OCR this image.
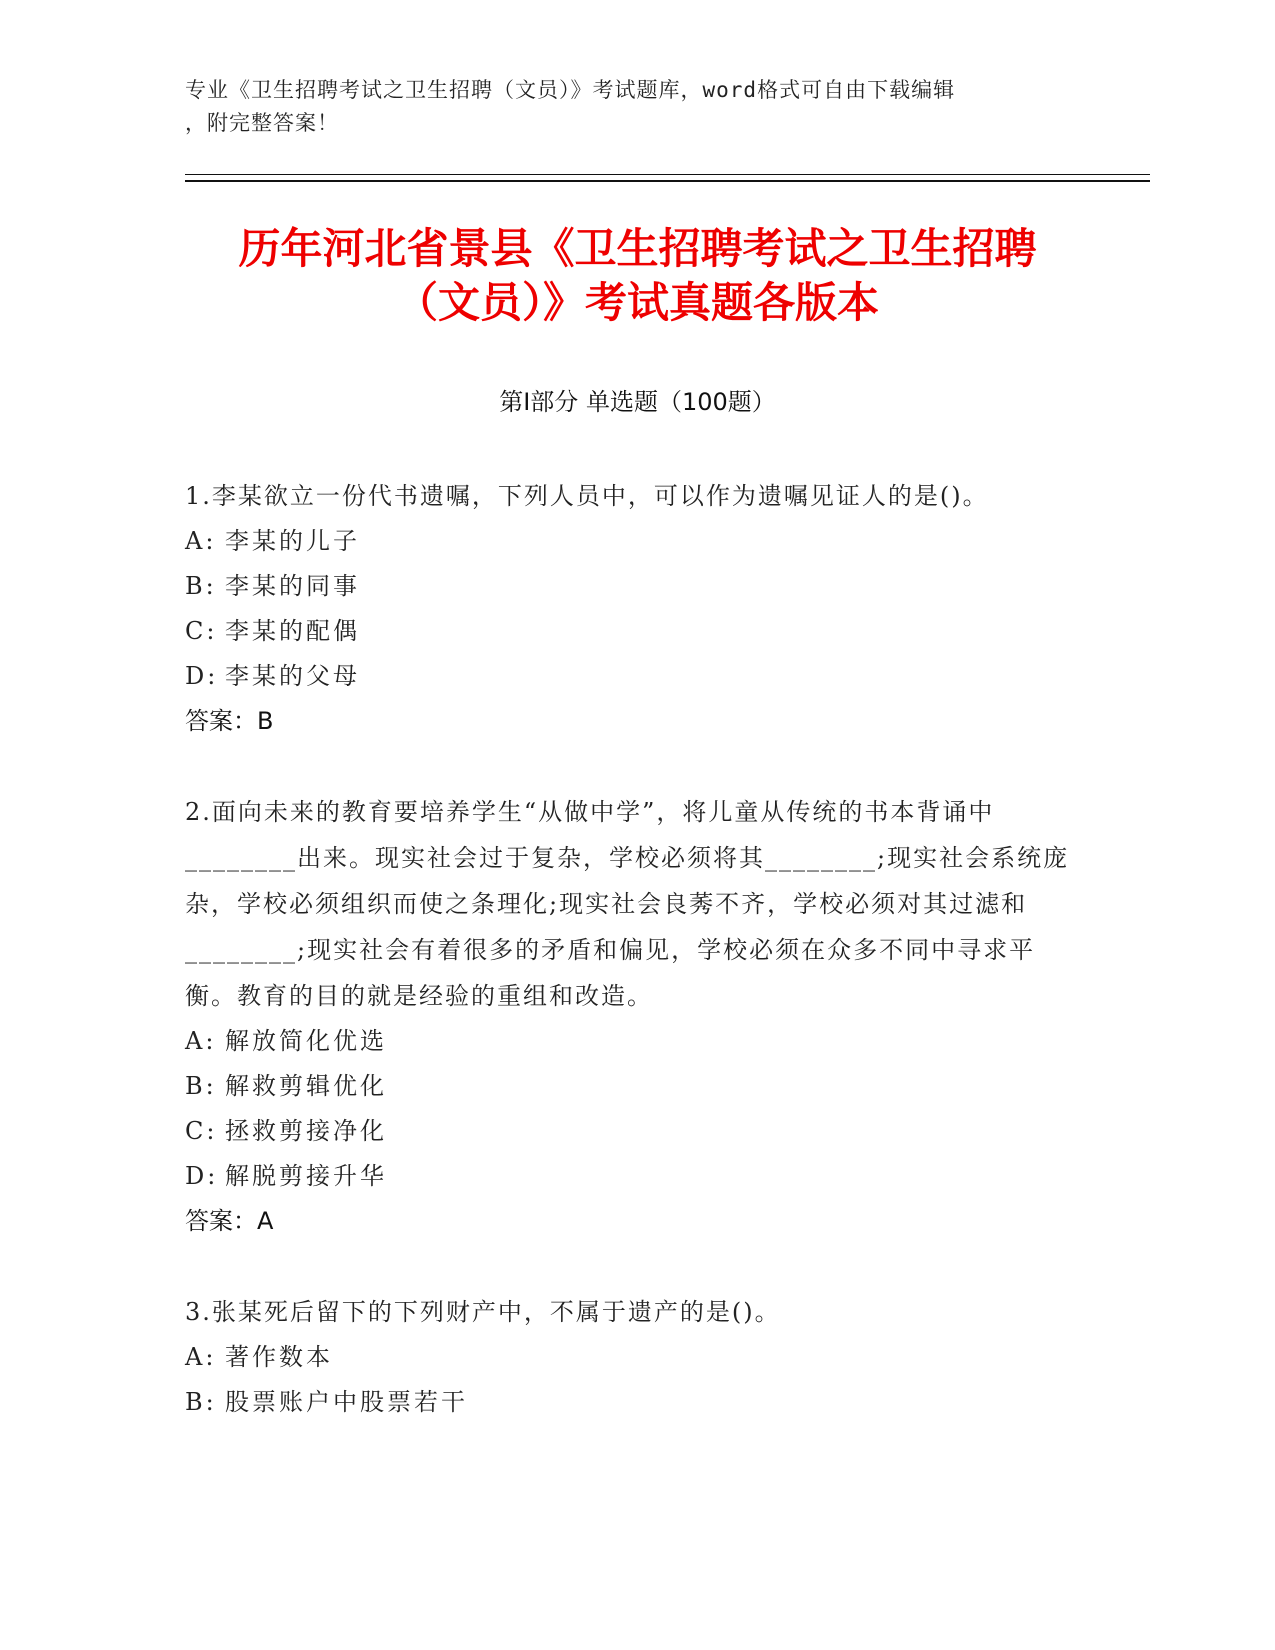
专业《卫生招聘考试之卫生招聘（文员）》考试题库，word格式可自由下载编辑
，附完整答案！
历年河北省景县《卫生招聘考试之卫生招聘
（文员）》考试真题各版本
第Ⅰ部分 单选题（100题）

1.李某欲立一份代书遗嘱，下列人员中，可以作为遗嘱见证人的是()。

A: 李某的儿子
B: 李某的同事
C: 李某的配偶
D: 李某的父母
答案：B

2.面向未来的教育要培养学生“从做中学”，将儿童从传统的书本背诵中________出来。现实社会过于复杂，学校必须将其________;现实社会系统庞杂，学校必须组织而使之条理化;现实社会良莠不齐，学校必须对其过滤和________;现实社会有着很多的矛盾和偏见，学校必须在众多不同中寻求平衡。教育的目的就是经验的重组和改造。

A: 解放简化优选
B: 解救剪辑优化
C: 拯救剪接净化
D: 解脱剪接升华
答案：A

3.张某死后留下的下列财产中，不属于遗产的是()。

A: 著作数本
B: 股票账户中股票若干
